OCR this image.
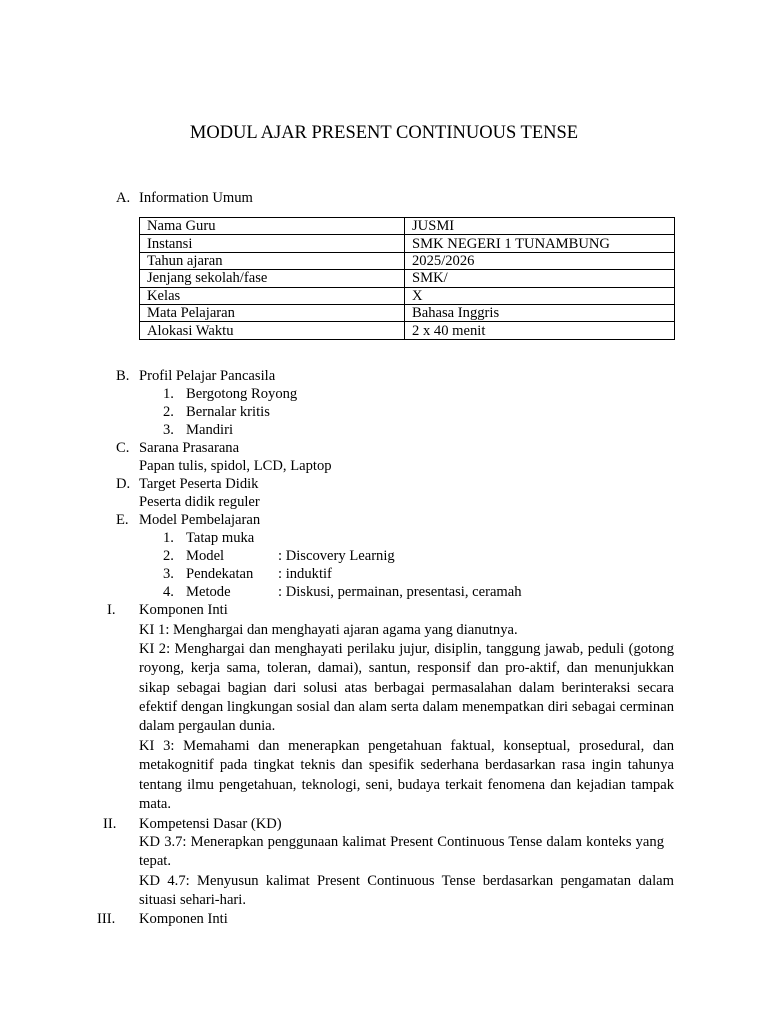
MODUL AJAR PRESENT CONTINUOUS TENSE
A. Information Umum
Nama Guru	JUSMI
Instansi	SMK NEGERI 1 TUNAMBUNG
Tahun ajaran	2025/2026
Jenjang sekolah/fase	SMK/
Kelas	X
Mata Pelajaran	Bahasa Inggris
Alokasi Waktu	2 x 40 menit
B. Profil Pelajar Pancasila
1. Bergotong Royong
2. Bernalar kritis
3. Mandiri
C. Sarana Prasarana
Papan tulis, spidol, LCD, Laptop
D. Target Peserta Didik
Peserta didik reguler
E. Model Pembelajaran
1. Tatap muka
2. Model	: Discovery Learnig
3. Pendekatan : induktif
4. Metode	: Diskusi, permainan, presentasi, ceramah
I. Komponen Inti
KI 1: Menghargai dan menghayati ajaran agama yang dianutnya.
KI 2: Menghargai dan menghayati perilaku jujur, disiplin, tanggung jawab, peduli (gotong royong, kerja sama, toleran, damai), santun, responsif dan pro-aktif, dan menunjukkan sikap sebagai bagian dari solusi atas berbagai permasalahan dalam berinteraksi secara efektif dengan lingkungan sosial dan alam serta dalam menempatkan diri sebagai cerminan dalam pergaulan dunia.
KI 3: Memahami dan menerapkan pengetahuan faktual, konseptual, prosedural, dan metakognitif pada tingkat teknis dan spesifik sederhana berdasarkan rasa ingin tahunya tentang ilmu pengetahuan, teknologi, seni, budaya terkait fenomena dan kejadian tampak mata.
II. Kompetensi Dasar (KD)
KD 3.7: Menerapkan penggunaan kalimat Present Continuous Tense dalam konteks yang tepat.
KD 4.7: Menyusun kalimat Present Continuous Tense berdasarkan pengamatan dalam situasi sehari-hari.
III. Komponen Inti
